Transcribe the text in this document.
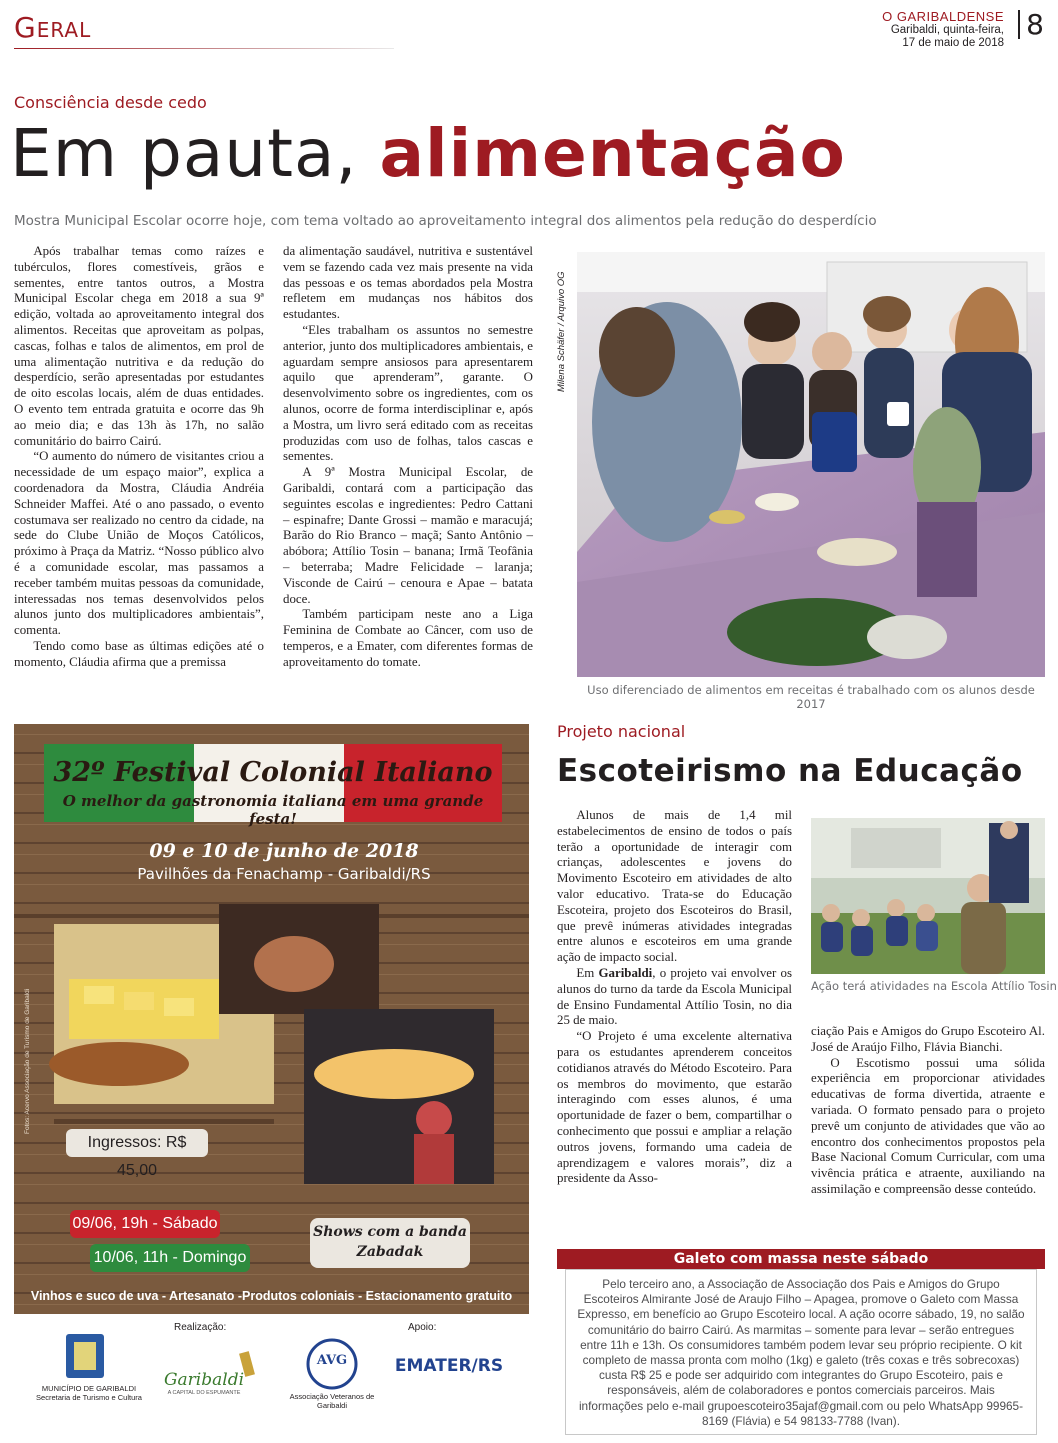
Geral	O GARIBALDENSE
Garibaldi, quinta-feira,
17 de maio de 2018
8
Consciência desde cedo
Em pauta, alimentação
Mostra Municipal Escolar ocorre hoje, com tema voltado ao aproveitamento integral dos alimentos pela redução do desperdício

Após trabalhar temas como raízes e tubérculos, flores comestíveis, grãos e sementes, entre tantos outros, a Mostra Municipal Escolar chega em 2018 a sua 9ª edição, voltada ao aproveitamento integral dos alimentos. Receitas que aproveitam as polpas, cascas, folhas e talos de alimentos, em prol de uma alimentação nutritiva e da redução do desperdício, serão apresentadas por estudantes de oito escolas locais, além de duas entidades. O evento tem entrada gratuita e ocorre das 9h ao meio dia; e das 13h às 17h, no salão comunitário do bairro Cairú.

“O aumento do número de visitantes criou a necessidade de um espaço maior”, explica a coordenadora da Mostra, Cláudia Andréia Schneider Maffei. Até o ano passado, o evento costumava ser realizado no centro da cidade, na sede do Clube União de Moços Católicos, próximo à Praça da Matriz. “Nosso público alvo é a comunidade escolar, mas passamos a receber também muitas pessoas da comunidade, interessadas nos temas desenvolvidos pelos alunos junto dos multiplicadores ambientais”, comenta.

Tendo como base as últimas edições até o momento, Cláudia afirma que a premissa

da alimentação saudável, nutritiva e sustentável vem se fazendo cada vez mais presente na vida das pessoas e os temas abordados pela Mostra refletem em mudanças nos hábitos dos estudantes.

“Eles trabalham os assuntos no semestre anterior, junto dos multiplicadores ambientais, e aguardam sempre ansiosos para apresentarem aquilo que aprenderam”, garante. O desenvolvimento sobre os ingredientes, com os alunos, ocorre de forma interdisciplinar e, após a Mostra, um livro será editado com as receitas produzidas com uso de folhas, talos cascas e sementes.

A 9ª Mostra Municipal Escolar, de Garibaldi, contará com a participação das seguintes escolas e ingredientes: Pedro Cattani – espinafre; Dante Grossi – mamão e maracujá; Barão do Rio Branco – maçã; Santo Antônio – abóbora; Attílio Tosin – banana; Irmã Teofânia – beterraba; Madre Felicidade – laranja; Visconde de Cairú – cenoura e Apae – batata doce.

Também participam neste ano a Liga Feminina de Combate ao Câncer, com uso de temperos, e a Emater, com diferentes formas de aproveitamento do tomate.

Milena Schäfer / Arquivo OG
Uso diferenciado de alimentos em receitas é trabalhado com os alunos desde 2017
32º Festival Colonial Italiano
O melhor da gastronomia italiana em uma grande festa!
09 e 10 de junho de 2018
Pavilhões da Fenachamp - Garibaldi/RS
Fotos: Acervo Associação de Turismo de Garibaldi
Ingressos: R$ 45,00
09/06, 19h - Sábado
10/06, 11h - Domingo
Shows com a banda Zabadak
Vinhos e suco de uva - Artesanato -Produtos coloniais - Estacionamento gratuito
Realização:	Apoio:
MUNICÍPIO DE GARIBALDI
Secretaria de Turismo e Cultura
Garibaldi
A CAPITAL DO ESPUMANTE
AVG
Associação Veteranos de Garibaldi
EMATER/RS
Projeto nacional
Escoteirismo na Educação

Alunos de mais de 1,4 mil estabelecimentos de ensino de todos o país terão a oportunidade de interagir com crianças, adolescentes e jovens do Movimento Escoteiro em atividades de alto valor educativo. Trata-se do Educação Escoteira, projeto dos Escoteiros do Brasil, que prevê inúmeras atividades integradas entre alunos e escoteiros em uma grande ação de impacto social.

Em Garibaldi, o projeto vai envolver os alunos do turno da tarde da Escola Municipal de Ensino Fundamental Attílio Tosin, no dia 25 de maio.

“O Projeto é uma excelente alternativa para os estudantes aprenderem conceitos cotidianos através do Método Escoteiro. Para os membros do movimento, que estarão interagindo com esses alunos, é uma oportunidade de fazer o bem, compartilhar o conhecimento que possui e ampliar a relação outros jovens, formando uma cadeia de aprendizagem e valores morais”, diz a presidente da Asso-

Ação terá atividades na Escola Attílio Tosin

ciação Pais e Amigos do Grupo Escoteiro Al. José de Araújo Filho, Flávia Bianchi.

O Escotismo possui uma sólida experiência em proporcionar atividades educativas de forma divertida, atraente e variada. O formato pensado para o projeto prevê um conjunto de atividades que vão ao encontro dos conhecimentos propostos pela Base Nacional Comum Curricular, com uma vivência prática e atraente, auxiliando na assimilação e compreensão desse conteúdo.

Galeto com massa neste sábado
Pelo terceiro ano, a Associação de Associação dos Pais e Amigos do Grupo Escoteiros Almirante José de Araujo Filho – Apagea, promove o Galeto com Massa Expresso, em benefício ao Grupo Escoteiro local. A ação ocorre sábado, 19, no salão comunitário do bairro Cairú. As marmitas – somente para levar – serão entregues entre 11h e 13h. Os consumidores também podem levar seu próprio recipiente. O kit completo de massa pronta com molho (1kg) e galeto (três coxas e três sobrecoxas) custa R$ 25 e pode ser adquirido com integrantes do Grupo Escoteiro, pais e responsáveis, além de colaboradores e pontos comerciais parceiros. Mais informações pelo e-mail grupoescoteiro35ajaf@gmail.com ou pelo WhatsApp 99965-8169 (Flávia) e 54 98133-7788 (Ivan).
